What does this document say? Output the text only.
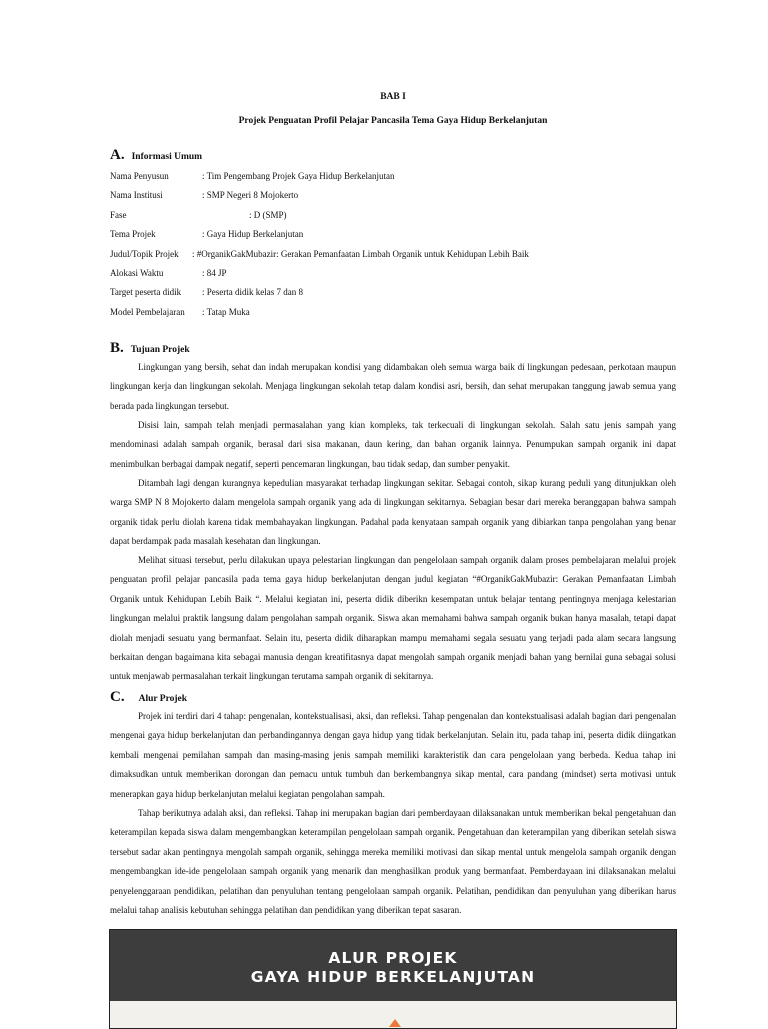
BAB I
Projek Penguatan Profil Pelajar Pancasila Tema Gaya Hidup Berkelanjutan
A. Informasi Umum
Nama Penyusun	: Tim Pengembang Projek Gaya Hidup Berkelanjutan
Nama Institusi	: SMP Negeri 8 Mojokerto
Fase	: D (SMP)
Tema Projek	: Gaya Hidup Berkelanjutan
Judul/Topik Projek : #OrganikGakMubazir: Gerakan Pemanfaatan Limbah Organik untuk Kehidupan Lebih Baik
Alokasi Waktu	: 84 JP
Target peserta didik : Peserta didik kelas 7 dan 8
Model Pembelajaran : Tatap Muka
B. Tujuan Projek

Lingkungan yang bersih, sehat dan indah merupakan kondisi yang didambakan oleh semua warga baik di lingkungan pedesaan, perkotaan maupun lingkungan kerja dan lingkungan sekolah. Menjaga lingkungan sekolah tetap dalam kondisi asri, bersih, dan sehat merupakan tanggung jawab semua yang berada pada lingkungan tersebut.

Disisi lain, sampah telah menjadi permasalahan yang kian kompleks, tak terkecuali di lingkungan sekolah. Salah satu jenis sampah yang mendominasi adalah sampah organik, berasal dari sisa makanan, daun kering, dan bahan organik lainnya. Penumpukan sampah organik ini dapat menimbulkan berbagai dampak negatif, seperti pencemaran lingkungan, bau tidak sedap, dan sumber penyakit.

Ditambah lagi dengan kurangnya kepedulian masyarakat terhadap lingkungan sekitar. Sebagai contoh, sikap kurang peduli yang ditunjukkan oleh warga SMP N 8 Mojokerto dalam mengelola sampah organik yang ada di lingkungan sekitarnya. Sebagian besar dari mereka beranggapan bahwa sampah organik tidak perlu diolah karena tidak membahayakan lingkungan. Padahal pada kenyataan sampah organik yang dibiarkan tanpa pengolahan yang benar dapat berdampak pada masalah kesehatan dan lingkungan.

Melihat situasi tersebut, perlu dilakukan upaya pelestarian lingkungan dan pengelolaan sampah organik dalam proses pembelajaran melalui projek penguatan profil pelajar pancasila pada tema gaya hidup berkelanjutan dengan judul kegiatan “#OrganikGakMubazir: Gerakan Pemanfaatan Limbah Organik untuk Kehidupan Lebih Baik “. Melalui kegiatan ini, peserta didik diberikn kesempatan untuk belajar tentang pentingnya menjaga kelestarian lingkungan melalui praktik langsung dalam pengolahan sampah organik. Siswa akan memahami bahwa sampah organik bukan hanya masalah, tetapi dapat diolah menjadi sesuatu yang bermanfaat. Selain itu, peserta didik diharapkan mampu memahami segala sesuatu yang terjadi pada alam secara langsung berkaitan dengan bagaimana kita sebagai manusia dengan kreatifitasnya dapat mengolah sampah organik menjadi bahan yang bernilai guna sebagai solusi untuk menjawab permasalahan terkait lingkungan terutama sampah organik di sekitarnya.

C. Alur Projek

Projek ini terdiri dari 4 tahap: pengenalan, kontekstualisasi, aksi, dan refleksi. Tahap pengenalan dan kontekstualisasi adalah bagian dari pengenalan mengenai gaya hidup berkelanjutan dan perbandingannya dengan gaya hidup yang tidak berkelanjutan. Selain itu, pada tahap ini, peserta didik diingatkan kembali mengenai pemilahan sampah dan masing-masing jenis sampah memiliki karakteristik dan cara pengelolaan yang berbeda. Kedua tahap ini dimaksudkan untuk memberikan dorongan dan pemacu untuk tumbuh dan berkembangnya sikap mental, cara pandang (mindset) serta motivasi untuk menerapkan gaya hidup berkelanjutan melalui kegiatan pengolahan sampah.

Tahap berikutnya adalah aksi, dan refleksi. Tahap ini merupakan bagian dari pemberdayaan dilaksanakan untuk memberikan bekal pengetahuan dan keterampilan kepada siswa dalam mengembangkan keterampilan pengelolaan sampah organik. Pengetahuan dan keterampilan yang diberikan setelah siswa tersebut sadar akan pentingnya mengolah sampah organik, sehingga mereka memiliki motivasi dan sikap mental untuk mengelola sampah organik dengan mengembangkan ide-ide pengelolaan sampah organik yang menarik dan menghasilkan produk yang bermanfaat. Pemberdayaan ini dilaksanakan melalui penyelenggaraan pendidikan, pelatihan dan penyuluhan tentang pengelolaan sampah organik. Pelatihan, pendidikan dan penyuluhan yang diberikan harus melalui tahap analisis kebutuhan sehingga pelatihan dan pendidikan yang diberikan tepat sasaran.

ALUR PROJEK
GAYA HIDUP BERKELANJUTAN
